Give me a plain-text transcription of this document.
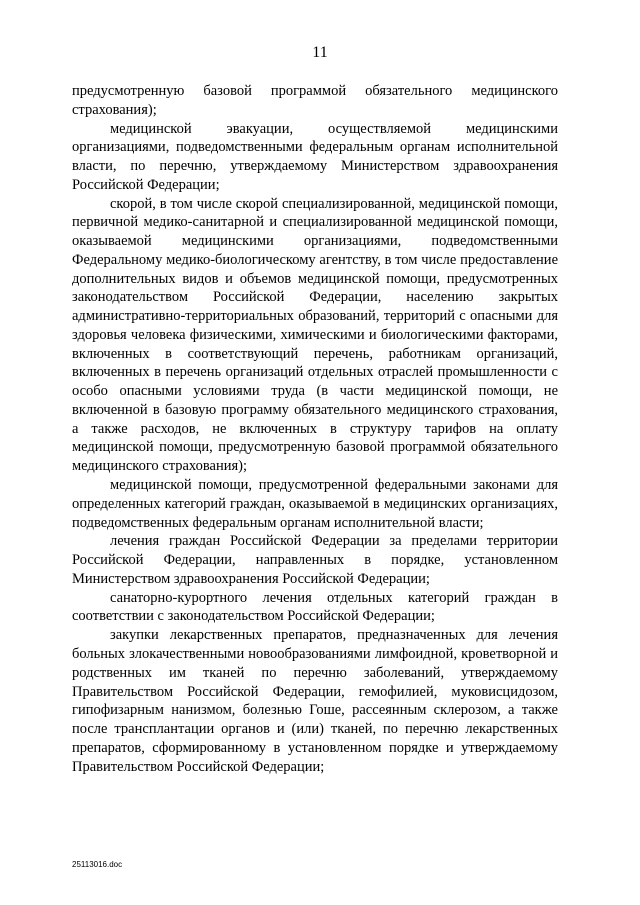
11

предусмотренную базовой программой обязательного медицинского страхования);

медицинской эвакуации, осуществляемой медицинскими организациями, подведомственными федеральным органам исполнительной власти, по перечню, утверждаемому Министерством здравоохранения Российской Федерации;

скорой, в том числе скорой специализированной, медицинской помощи, первичной медико-санитарной и специализированной медицинской помощи, оказываемой медицинскими организациями, подведомственными Федеральному медико-биологическому агентству, в том числе предоставление дополнительных видов и объемов медицинской помощи, предусмотренных законодательством Российской Федерации, населению закрытых административно-территориальных образований, территорий с опасными для здоровья человека физическими, химическими и биологическими факторами, включенных в соответствующий перечень, работникам организаций, включенных в перечень организаций отдельных отраслей промышленности с особо опасными условиями труда (в части медицинской помощи, не включенной в базовую программу обязательного медицинского страхования, а также расходов, не включенных в структуру тарифов на оплату медицинской помощи, предусмотренную базовой программой обязательного медицинского страхования);

медицинской помощи, предусмотренной федеральными законами для определенных категорий граждан, оказываемой в медицинских организациях, подведомственных федеральным органам исполнительной власти;

лечения граждан Российской Федерации за пределами территории Российской Федерации, направленных в порядке, установленном Министерством здравоохранения Российской Федерации;

санаторно-курортного лечения отдельных категорий граждан в соответствии с законодательством Российской Федерации;

закупки лекарственных препаратов, предназначенных для лечения больных злокачественными новообразованиями лимфоидной, кроветворной и родственных им тканей по перечню заболеваний, утверждаемому Правительством Российской Федерации, гемофилией, муковисцидозом, гипофизарным нанизмом, болезнью Гоше, рассеянным склерозом, а также после трансплантации органов и (или) тканей, по перечню лекарственных препаратов, сформированному в установленном порядке и утверждаемому Правительством Российской Федерации;

25113016.doc
